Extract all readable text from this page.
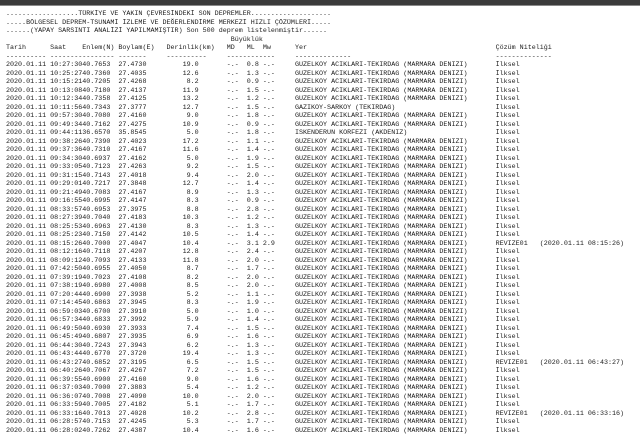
..................TÜRKİYE VE YAKIN ÇEVRESİNDEKİ SON DEPREMLER....................
.....BÖLGESEL DEPREM-TSUNAMİ İZLEME VE DEĞERLENDİRME MERKEZİ HIZLI ÇÖZÜMLERİ.....
......(YAPAY SARSINTI ANALİZİ YAPILMAMIŞTIR) Son 500 deprem listelenmiştir......
Büyüklük
Tarih      Saat    Enlem(N) Boylam(E)   Derinlik(km)   MD   ML  Mw      Yer                                               Çözüm Niteliği
---------- ---------------- -------     ----------     ------------     --------------                                    --------------
2020.01.11 10:27:3040.7653  27.4730         19.0       -.-  0.8 -.-     GUZELKOY ACIKLARI-TEKIRDAG (MARMARA DENIZI)       İlksel
2020.01.11 10:25:2740.7360  27.4035         12.6       -.-  1.3 -.-     GUZELKOY ACIKLARI-TEKIRDAG (MARMARA DENIZI)       İlksel
2020.01.11 10:15:2140.7205  27.4268          8.2       -.-  0.9 -.-     GUZELKOY ACIKLARI-TEKIRDAG (MARMARA DENIZI)       İlksel
2020.01.11 10:13:0840.7180  27.4137         11.9       -.-  1.5 -.-     GUZELKOY ACIKLARI-TEKIRDAG (MARMARA DENIZI)       İlksel
2020.01.11 10:12:3440.7358  27.4125         13.2       -.-  1.2 -.-     GUZELKOY ACIKLARI-TEKIRDAG (MARMARA DENIZI)       İlksel
2020.01.11 10:11:5640.7343  27.3777         12.7       -.-  1.5 -.-     GAZIKOY-SARKOY (TEKIRDAG)                         İlksel
2020.01.11 09:57:3040.7080  27.4160          9.0       -.-  1.8 -.-     GUZELKOY ACIKLARI-TEKIRDAG (MARMARA DENIZI)       İlksel
2020.01.11 09:49:3440.7162  27.4275         10.9       -.-  0.9 -.-     GUZELKOY ACIKLARI-TEKIRDAG (MARMARA DENIZI)       İlksel
2020.01.11 09:44:1136.6570  35.8545          5.0       -.-  1.8 -.-     ISKENDERUN KORFEZI (AKDENIZ)                      İlksel
2020.01.11 09:38:2640.7390  27.4023         17.2       -.-  1.1 -.-     GUZELKOY ACIKLARI-TEKIRDAG (MARMARA DENIZI)       İlksel
2020.01.11 09:37:3640.7310  27.4167         11.6       -.-  1.4 -.-     GUZELKOY ACIKLARI-TEKIRDAG (MARMARA DENIZI)       İlksel
2020.01.11 09:34:3040.6937  27.4162          5.0       -.-  1.9 -.-     GUZELKOY ACIKLARI-TEKIRDAG (MARMARA DENIZI)       İlksel
2020.01.11 09:33:0540.7123  27.4263          9.2       -.-  1.5 -.-     GUZELKOY ACIKLARI-TEKIRDAG (MARMARA DENIZI)       İlksel
2020.01.11 09:31:1540.7143  27.4018          9.4       -.-  2.0 -.-     GUZELKOY ACIKLARI-TEKIRDAG (MARMARA DENIZI)       İlksel
2020.01.11 09:29:0140.7217  27.3848         12.7       -.-  1.4 -.-     GUZELKOY ACIKLARI-TEKIRDAG (MARMARA DENIZI)       İlksel
2020.01.11 09:21:4940.7083  27.4167          8.9       -.-  1.3 -.-     GUZELKOY ACIKLARI-TEKIRDAG (MARMARA DENIZI)       İlksel
2020.01.11 09:16:5540.6995  27.4147          8.3       -.-  0.9 -.-     GUZELKOY ACIKLARI-TEKIRDAG (MARMARA DENIZI)       İlksel
2020.01.11 08:33:5740.6953  27.3975          8.8       -.-  2.8 -.-     GUZELKOY ACIKLARI-TEKIRDAG (MARMARA DENIZI)       İlksel
2020.01.11 08:27:3940.7040  27.4183         10.3       -.-  1.2 -.-     GUZELKOY ACIKLARI-TEKIRDAG (MARMARA DENIZI)       İlksel
2020.01.11 08:25:5340.6963  27.4130          8.3       -.-  1.3 -.-     GUZELKOY ACIKLARI-TEKIRDAG (MARMARA DENIZI)       İlksel
2020.01.11 08:25:2340.7150  27.4142         10.5       -.-  1.4 -.-     GUZELKOY ACIKLARI-TEKIRDAG (MARMARA DENIZI)       İlksel
2020.01.11 08:15:2640.7000  27.4047         10.4       -.-  3.1 2.9     GUZELKOY ACIKLARI-TEKIRDAG (MARMARA DENIZI)       REVIZE01   (2020.01.11 08:15:26)
2020.01.11 08:12:1640.7118  27.4207         12.8       -.-  2.4 -.-     GUZELKOY ACIKLARI-TEKIRDAG (MARMARA DENIZI)       İlksel
2020.01.11 08:09:1240.7093  27.4133         11.8       -.-  2.0 -.-     GUZELKOY ACIKLARI-TEKIRDAG (MARMARA DENIZI)       İlksel
2020.01.11 07:42:5040.6955  27.4050          8.7       -.-  1.7 -.-     GUZELKOY ACIKLARI-TEKIRDAG (MARMARA DENIZI)       İlksel
2020.01.11 07:39:1940.7023  27.4108          8.2       -.-  2.0 -.-     GUZELKOY ACIKLARI-TEKIRDAG (MARMARA DENIZI)       İlksel
2020.01.11 07:38:1940.6980  27.4008          8.5       -.-  2.0 -.-     GUZELKOY ACIKLARI-TEKIRDAG (MARMARA DENIZI)       İlksel
2020.01.11 07:20:4440.6900  27.3938          5.2       -.-  1.1 -.-     GUZELKOY ACIKLARI-TEKIRDAG (MARMARA DENIZI)       İlksel
2020.01.11 07:14:4540.6863  27.3945          8.3       -.-  1.9 -.-     GUZELKOY ACIKLARI-TEKIRDAG (MARMARA DENIZI)       İlksel
2020.01.11 06:59:0340.6700  27.3910          5.0       -.-  1.0 -.-     GUZELKOY ACIKLARI-TEKIRDAG (MARMARA DENIZI)       İlksel
2020.01.11 06:57:3440.6833  27.3992          5.9       -.-  1.4 -.-     GUZELKOY ACIKLARI-TEKIRDAG (MARMARA DENIZI)       İlksel
2020.01.11 06:49:5040.6930  27.3933          7.4       -.-  1.5 -.-     GUZELKOY ACIKLARI-TEKIRDAG (MARMARA DENIZI)       İlksel
2020.01.11 06:45:4940.6807  27.3935          6.9       -.-  1.6 -.-     GUZELKOY ACIKLARI-TEKIRDAG (MARMARA DENIZI)       İlksel
2020.01.11 06:44:3040.7243  27.3943          6.2       -.-  1.3 -.-     GUZELKOY ACIKLARI-TEKIRDAG (MARMARA DENIZI)       İlksel
2020.01.11 06:43:4440.6770  27.3720         19.4       -.-  1.3 -.-     GUZELKOY ACIKLARI-TEKIRDAG (MARMARA DENIZI)       İlksel
2020.01.11 06:43:2740.6852  27.3195          6.5       -.-  1.5 -.-     GUZELKOY ACIKLARI-TEKIRDAG (MARMARA DENIZI)       REVIZE01   (2020.01.11 06:43:27)
2020.01.11 06:40:2640.7067  27.4267          7.2       -.-  1.5 -.-     GUZELKOY ACIKLARI-TEKIRDAG (MARMARA DENIZI)       İlksel
2020.01.11 06:39:5540.6900  27.4160          9.0       -.-  1.6 -.-     GUZELKOY ACIKLARI-TEKIRDAG (MARMARA DENIZI)       İlksel
2020.01.11 06:37:0340.7000  27.3883          5.4       -.-  1.2 -.-     GUZELKOY ACIKLARI-TEKIRDAG (MARMARA DENIZI)       İlksel
2020.01.11 06:36:0740.7008  27.4090         10.0       -.-  2.0 -.-     GUZELKOY ACIKLARI-TEKIRDAG (MARMARA DENIZI)       İlksel
2020.01.11 06:33:5940.7005  27.4182          5.1       -.-  1.7 -.-     GUZELKOY ACIKLARI-TEKIRDAG (MARMARA DENIZI)       İlksel
2020.01.11 06:33:1640.7013  27.4028         10.2       -.-  2.8 -.-     GUZELKOY ACIKLARI-TEKIRDAG (MARMARA DENIZI)       REVIZE01   (2020.01.11 06:33:16)
2020.01.11 06:28:5740.7153  27.4245          5.3       -.-  1.7 -.-     GUZELKOY ACIKLARI-TEKIRDAG (MARMARA DENIZI)       İlksel
2020.01.11 06:28:0240.7262  27.4387         10.4       -.-  1.6 -.-     GUZELKOY ACIKLARI-TEKIRDAG (MARMARA DENIZI)       İlksel
